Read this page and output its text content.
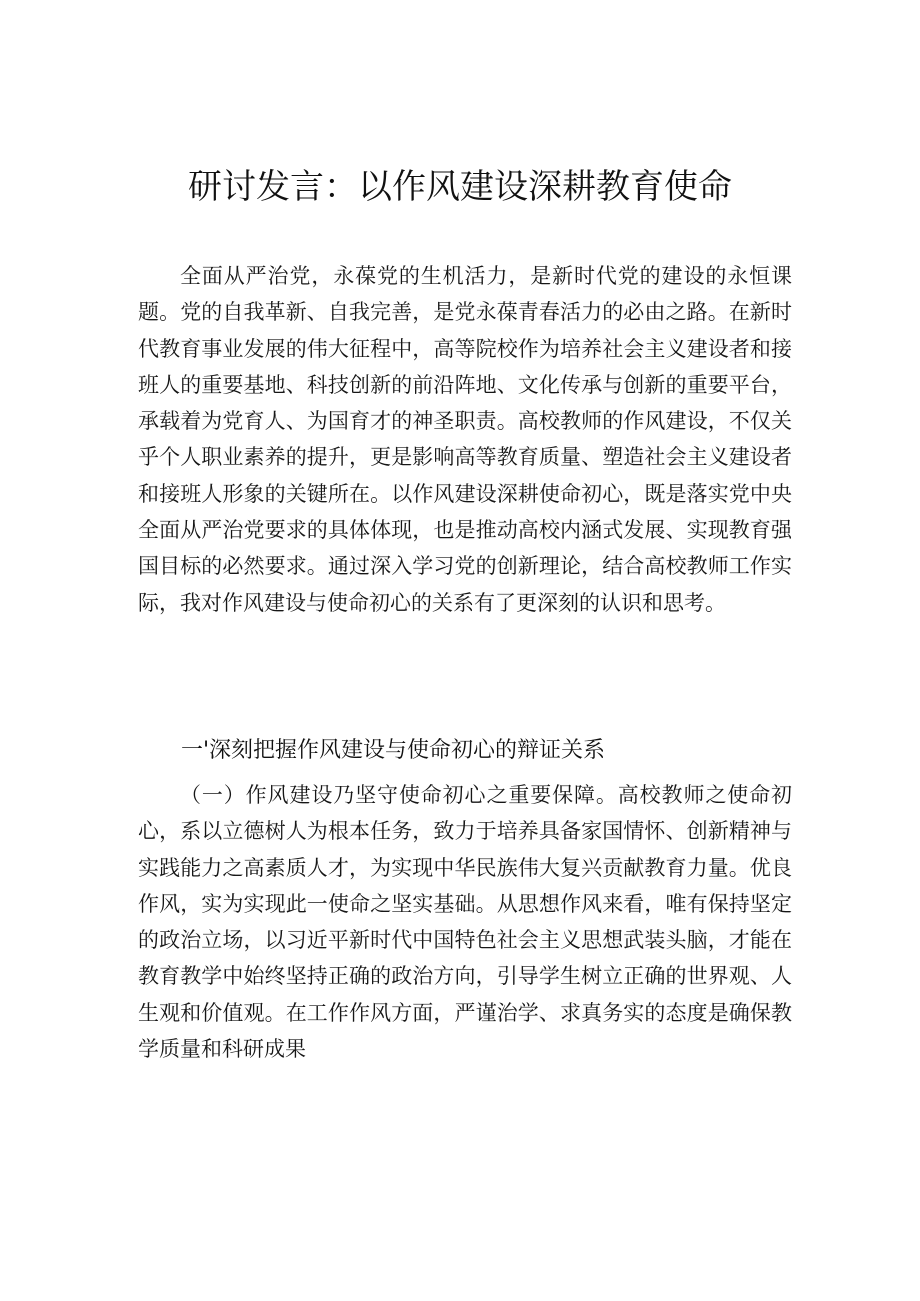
研讨发言：以作风建设深耕教育使命

全面从严治党，永葆党的生机活力，是新时代党的建设的永恒课题。党的自我革新、自我完善，是党永葆青春活力的必由之路。在新时代教育事业发展的伟大征程中，高等院校作为培养社会主义建设者和接班人的重要基地、科技创新的前沿阵地、文化传承与创新的重要平台，承载着为党育人、为国育才的神圣职责。高校教师的作风建设，不仅关乎个人职业素养的提升，更是影响高等教育质量、塑造社会主义建设者和接班人形象的关键所在。以作风建设深耕使命初心，既是落实党中央全面从严治党要求的具体体现，也是推动高校内涵式发展、实现教育强国目标的必然要求。通过深入学习党的创新理论，结合高校教师工作实际，我对作风建设与使命初心的关系有了更深刻的认识和思考。

一'深刻把握作风建设与使命初心的辩证关系

（一）作风建设乃坚守使命初心之重要保障。高校教师之使命初心，系以立德树人为根本任务，致力于培养具备家国情怀、创新精神与实践能力之高素质人才，为实现中华民族伟大复兴贡献教育力量。优良作风，实为实现此一使命之坚实基础。从思想作风来看，唯有保持坚定的政治立场，以习近平新时代中国特色社会主义思想武装头脑，才能在教育教学中始终坚持正确的政治方向，引导学生树立正确的世界观、人生观和价值观。在工作作风方面，严谨治学、求真务实的态度是确保教学质量和科研成果
